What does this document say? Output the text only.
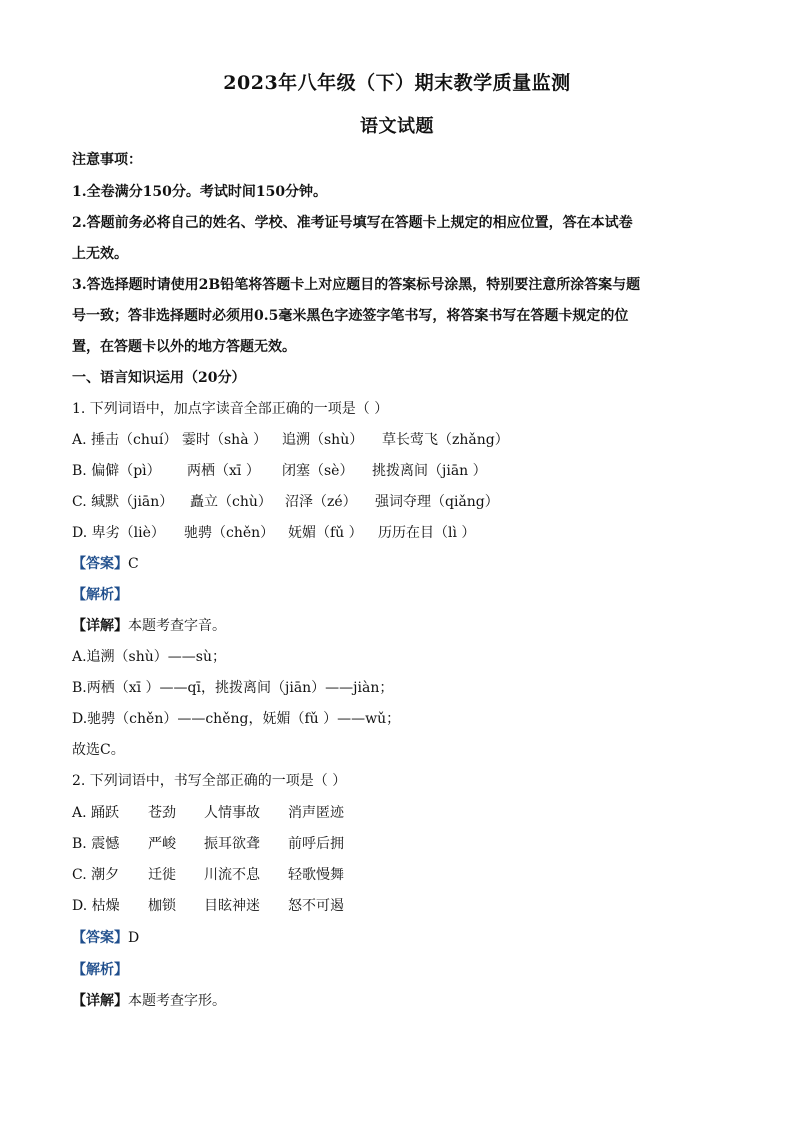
2023年八年级（下）期末教学质量监测
语文试题
注意事项：
1.全卷满分150分。考试时间150分钟。
2.答题前务必将自己的姓名、学校、准考证号填写在答题卡上规定的相应位置，答在本试卷
上无效。
3.答选择题时请使用2B铅笔将答题卡上对应题目的答案标号涂黑，特别要注意所涂答案与题
号一致；答非选择题时必须用0.5毫米黑色字迹签字笔书写，将答案书写在答题卡规定的位
置，在答题卡以外的地方答题无效。
一、语言知识运用（20分）
1. 下列词语中，加点字读音全部正确的一项是（ ）
A. 捶击（chuí） 霎时（shà ） 追溯（shù） 草长莺飞（zhǎng）
B. 偏僻（pì） 两栖（xī ） 闭塞（sè） 挑拨离间（jiān ）
C. 缄默（jiān） 矗立（chù） 沼泽（zé） 强词夺理（qiǎng）
D. 卑劣（liè） 驰骋（chěn） 妩媚（fǔ ） 历历在目（lì ）
【答案】C
【解析】
【详解】本题考查字音。
A.追溯（shù）——sù；
B.两栖（xī ）——qī，挑拨离间（jiān）——jiàn；
D.驰骋（chěn）——chěng，妩媚（fǔ ）——wǔ；
故选C。
2. 下列词语中，书写全部正确的一项是（ ）
A. 踊跃 苍劲 人情事故 消声匿迹
B. 震憾 严峻 振耳欲聋 前呼后拥
C. 潮夕 迁徙 川流不息 轻歌慢舞
D. 枯燥 枷锁 目眩神迷 怒不可遏
【答案】D
【解析】
【详解】本题考查字形。
